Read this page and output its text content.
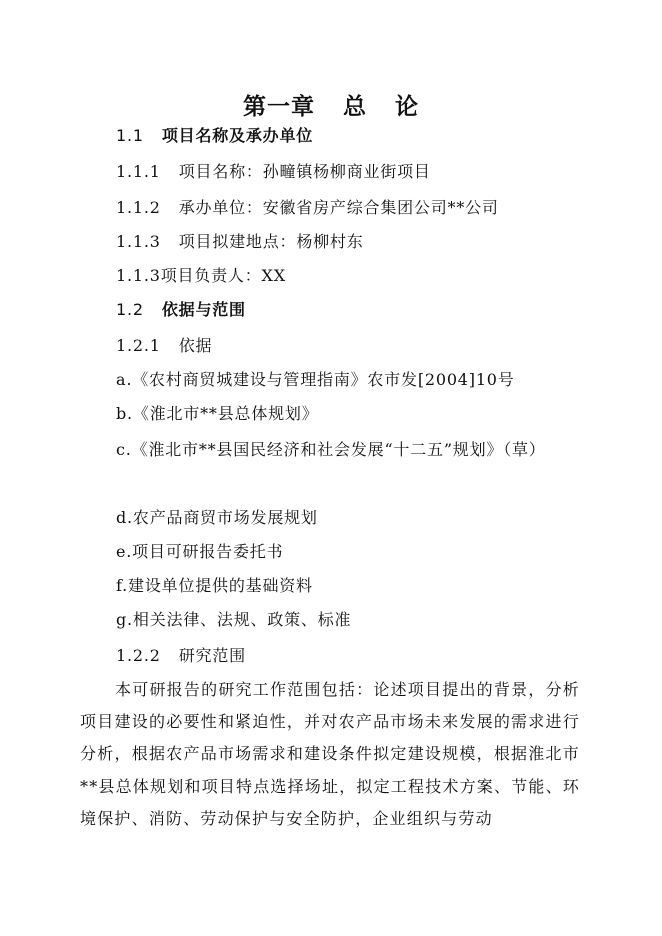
第一章 总 论
1.1 项目名称及承办单位
1.1.1 项目名称：孙疃镇杨柳商业街项目
1.1.2 承办单位：安徽省房产综合集团公司**公司
1.1.3 项目拟建地点：杨柳村东
1.1.3项目负责人：XX
1.2 依据与范围
1.2.1 依据
a.《农村商贸城建设与管理指南》农市发[2004]10号
b.《淮北市**县总体规划》
c.《淮北市**县国民经济和社会发展“十二五”规划》（草）
d.农产品商贸市场发展规划
e.项目可研报告委托书
f.建设单位提供的基础资料
g.相关法律、法规、政策、标准
1.2.2 研究范围
本可研报告的研究工作范围包括：论述项目提出的背景，分析项目建设的必要性和紧迫性，并对农产品市场未来发展的需求进行分析，根据农产品市场需求和建设条件拟定建设规模，根据淮北市**县总体规划和项目特点选择场址，拟定工程技术方案、节能、环境保护、消防、劳动保护与安全防护，企业组织与劳动
